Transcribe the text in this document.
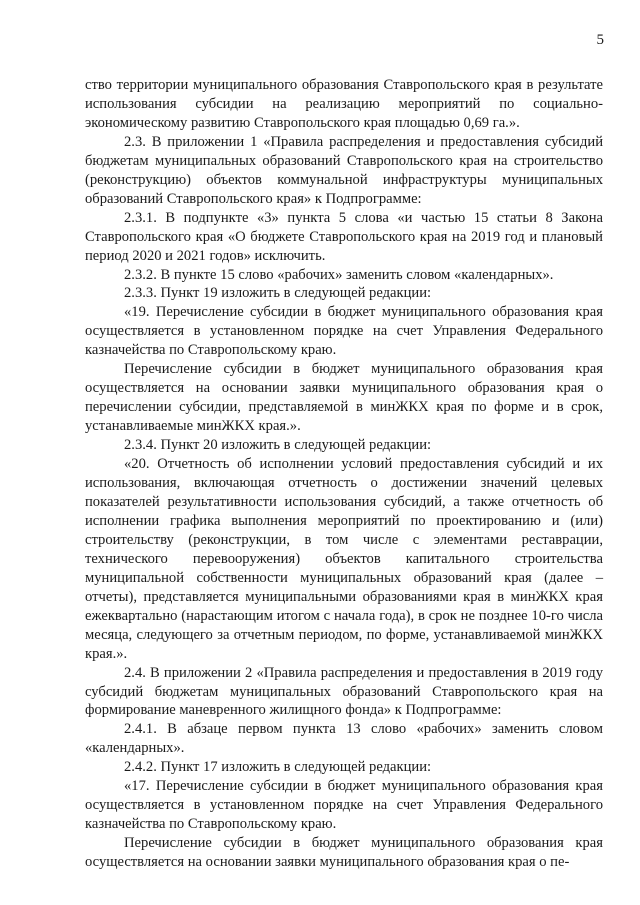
5

ство территории муниципального образования Ставропольского края в результате использования субсидии на реализацию мероприятий по социально-экономическому развитию Ставропольского края площадью 0,69 га.».

2.3. В приложении 1 «Правила распределения и предоставления субсидий бюджетам муниципальных образований Ставропольского края на строительство (реконструкцию) объектов коммунальной инфраструктуры муниципальных образований Ставропольского края» к Подпрограмме:

2.3.1. В подпункте «3» пункта 5 слова «и частью 15 статьи 8 Закона Ставропольского края «О бюджете Ставропольского края на 2019 год и плановый период 2020 и 2021 годов» исключить.

2.3.2. В пункте 15 слово «рабочих» заменить словом «календарных».

2.3.3. Пункт 19 изложить в следующей редакции:

«19. Перечисление субсидии в бюджет муниципального образования края осуществляется в установленном порядке на счет Управления Федерального казначейства по Ставропольскому краю.

Перечисление субсидии в бюджет муниципального образования края осуществляется на основании заявки муниципального образования края о перечислении субсидии, представляемой в минЖКХ края по форме и в срок, устанавливаемые минЖКХ края.».

2.3.4. Пункт 20 изложить в следующей редакции:

«20. Отчетность об исполнении условий предоставления субсидий и их использования, включающая отчетность о достижении значений целевых показателей результативности использования субсидий, а также отчетность об исполнении графика выполнения мероприятий по проектированию и (или) строительству (реконструкции, в том числе с элементами реставрации, технического перевооружения) объектов капитального строительства муниципальной собственности муниципальных образований края (далее – отчеты), представляется муниципальными образованиями края в минЖКХ края ежеквартально (нарастающим итогом с начала года), в срок не позднее 10-го числа месяца, следующего за отчетным периодом, по форме, устанавливаемой минЖКХ края.».

2.4. В приложении 2 «Правила распределения и предоставления в 2019 году субсидий бюджетам муниципальных образований Ставропольского края на формирование маневренного жилищного фонда» к Подпрограмме:

2.4.1. В абзаце первом пункта 13 слово «рабочих» заменить словом «календарных».

2.4.2. Пункт 17 изложить в следующей редакции:

«17. Перечисление субсидии в бюджет муниципального образования края осуществляется в установленном порядке на счет Управления Федерального казначейства по Ставропольскому краю.

Перечисление субсидии в бюджет муниципального образования края осуществляется на основании заявки муниципального образования края о пе-
